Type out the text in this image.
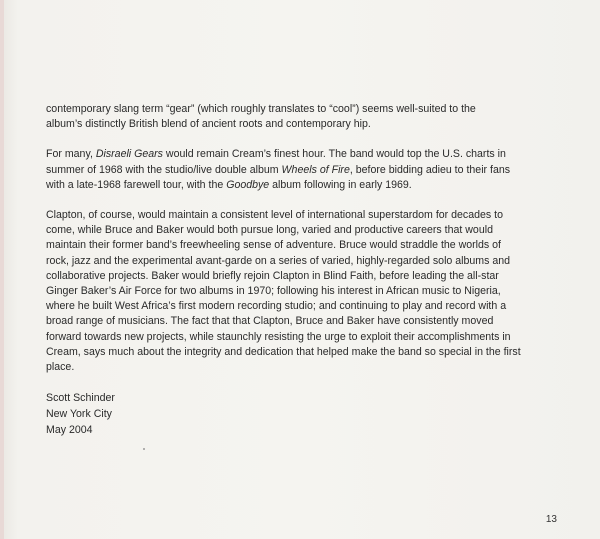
contemporary slang term “gear” (which roughly translates to “cool”) seems well-suited to the
album’s distinctly British blend of ancient roots and contemporary hip.

For many, Disraeli Gears would remain Cream’s finest hour. The band would top the U.S. charts in summer of 1968 with the studio/live double album Wheels of Fire, before bidding adieu to their fans with a late-1968 farewell tour, with the Goodbye album following in early 1969.

Clapton, of course, would maintain a consistent level of international superstardom for decades to come, while Bruce and Baker would both pursue long, varied and productive careers that would maintain their former band’s freewheeling sense of adventure. Bruce would straddle the worlds of rock, jazz and the experimental avant-garde on a series of varied, highly-regarded solo albums and collaborative projects. Baker would briefly rejoin Clapton in Blind Faith, before leading the all-star Ginger Baker’s Air Force for two albums in 1970; following his interest in African music to Nigeria, where he built West Africa’s first modern recording studio; and continuing to play and record with a broad range of musicians. The fact that that Clapton, Bruce and Baker have consistently moved forward towards new projects, while staunchly resisting the urge to exploit their accomplishments in Cream, says much about the integrity and dedication that helped make the band so special in the first place.

Scott Schinder
New York City
May 2004
13
